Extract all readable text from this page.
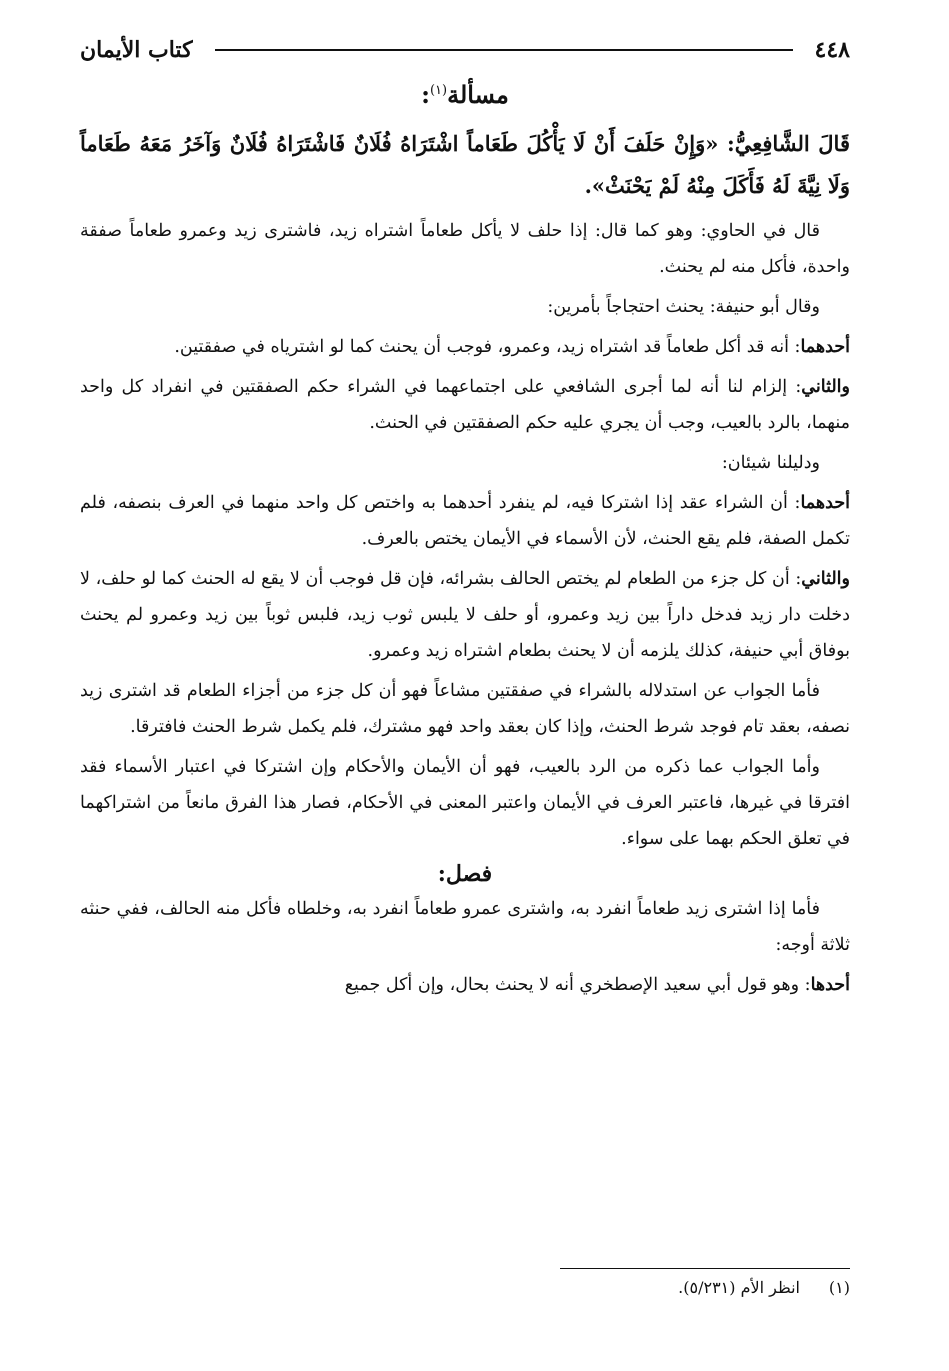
٤٤٨
كتاب الأيمان
مسألة$^{(١)}$:

قَالَ الشَّافِعِيُّ: «وَإِنْ حَلَفَ أَنْ لَا يَأْكُلَ طَعَاماً اشْتَرَاهُ فُلَانٌ فَاشْتَرَاهُ فُلَانٌ وَآخَرُ مَعَهُ طَعَاماً وَلَا نِيَّةَ لَهُ فَأَكَلَ مِنْهُ لَمْ يَحْنَثْ».

قال في الحاوي: وهو كما قال: إذا حلف لا يأكل طعاماً اشتراه زيد، فاشترى زيد وعمرو طعاماً صفقة واحدة، فأكل منه لم يحنث.

وقال أبو حنيفة: يحنث احتجاجاً بأمرين:

أحدهما: أنه قد أكل طعاماً قد اشتراه زيد، وعمرو، فوجب أن يحنث كما لو اشترياه في صفقتين.

والثاني: إلزام لنا أنه لما أجرى الشافعي على اجتماعهما في الشراء حكم الصفقتين في انفراد كل واحد منهما، بالرد بالعيب، وجب أن يجري عليه حكم الصفقتين في الحنث.

ودليلنا شيئان:

أحدهما: أن الشراء عقد إذا اشتركا فيه، لم ينفرد أحدهما به واختص كل واحد منهما في العرف بنصفه، فلم تكمل الصفة، فلم يقع الحنث، لأن الأسماء في الأيمان يختص بالعرف.

والثاني: أن كل جزء من الطعام لم يختص الحالف بشرائه، فإن قل فوجب أن لا يقع له الحنث كما لو حلف، لا دخلت دار زيد فدخل داراً بين زيد وعمرو، أو حلف لا يلبس ثوب زيد، فلبس ثوباً بين زيد وعمرو لم يحنث بوفاق أبي حنيفة، كذلك يلزمه أن لا يحنث بطعام اشتراه زيد وعمرو.

فأما الجواب عن استدلاله بالشراء في صفقتين مشاعاً فهو أن كل جزء من أجزاء الطعام قد اشترى زيد نصفه، بعقد تام فوجد شرط الحنث، وإذا كان بعقد واحد فهو مشترك، فلم يكمل شرط الحنث فافترقا.

وأما الجواب عما ذكره من الرد بالعيب، فهو أن الأيمان والأحكام وإن اشتركا في اعتبار الأسماء فقد افترقا في غيرها، فاعتبر العرف في الأيمان واعتبر المعنى في الأحكام، فصار هذا الفرق مانعاً من اشتراكهما في تعلق الحكم بهما على سواء.

فصل:

فأما إذا اشترى زيد طعاماً انفرد به، واشترى عمرو طعاماً انفرد به، وخلطاه فأكل منه الحالف، ففي حنثه ثلاثة أوجه:

أحدها: وهو قول أبي سعيد الإصطخري أنه لا يحنث بحال، وإن أكل جميع

(١)انظر الأم (٥/٢٣١).
